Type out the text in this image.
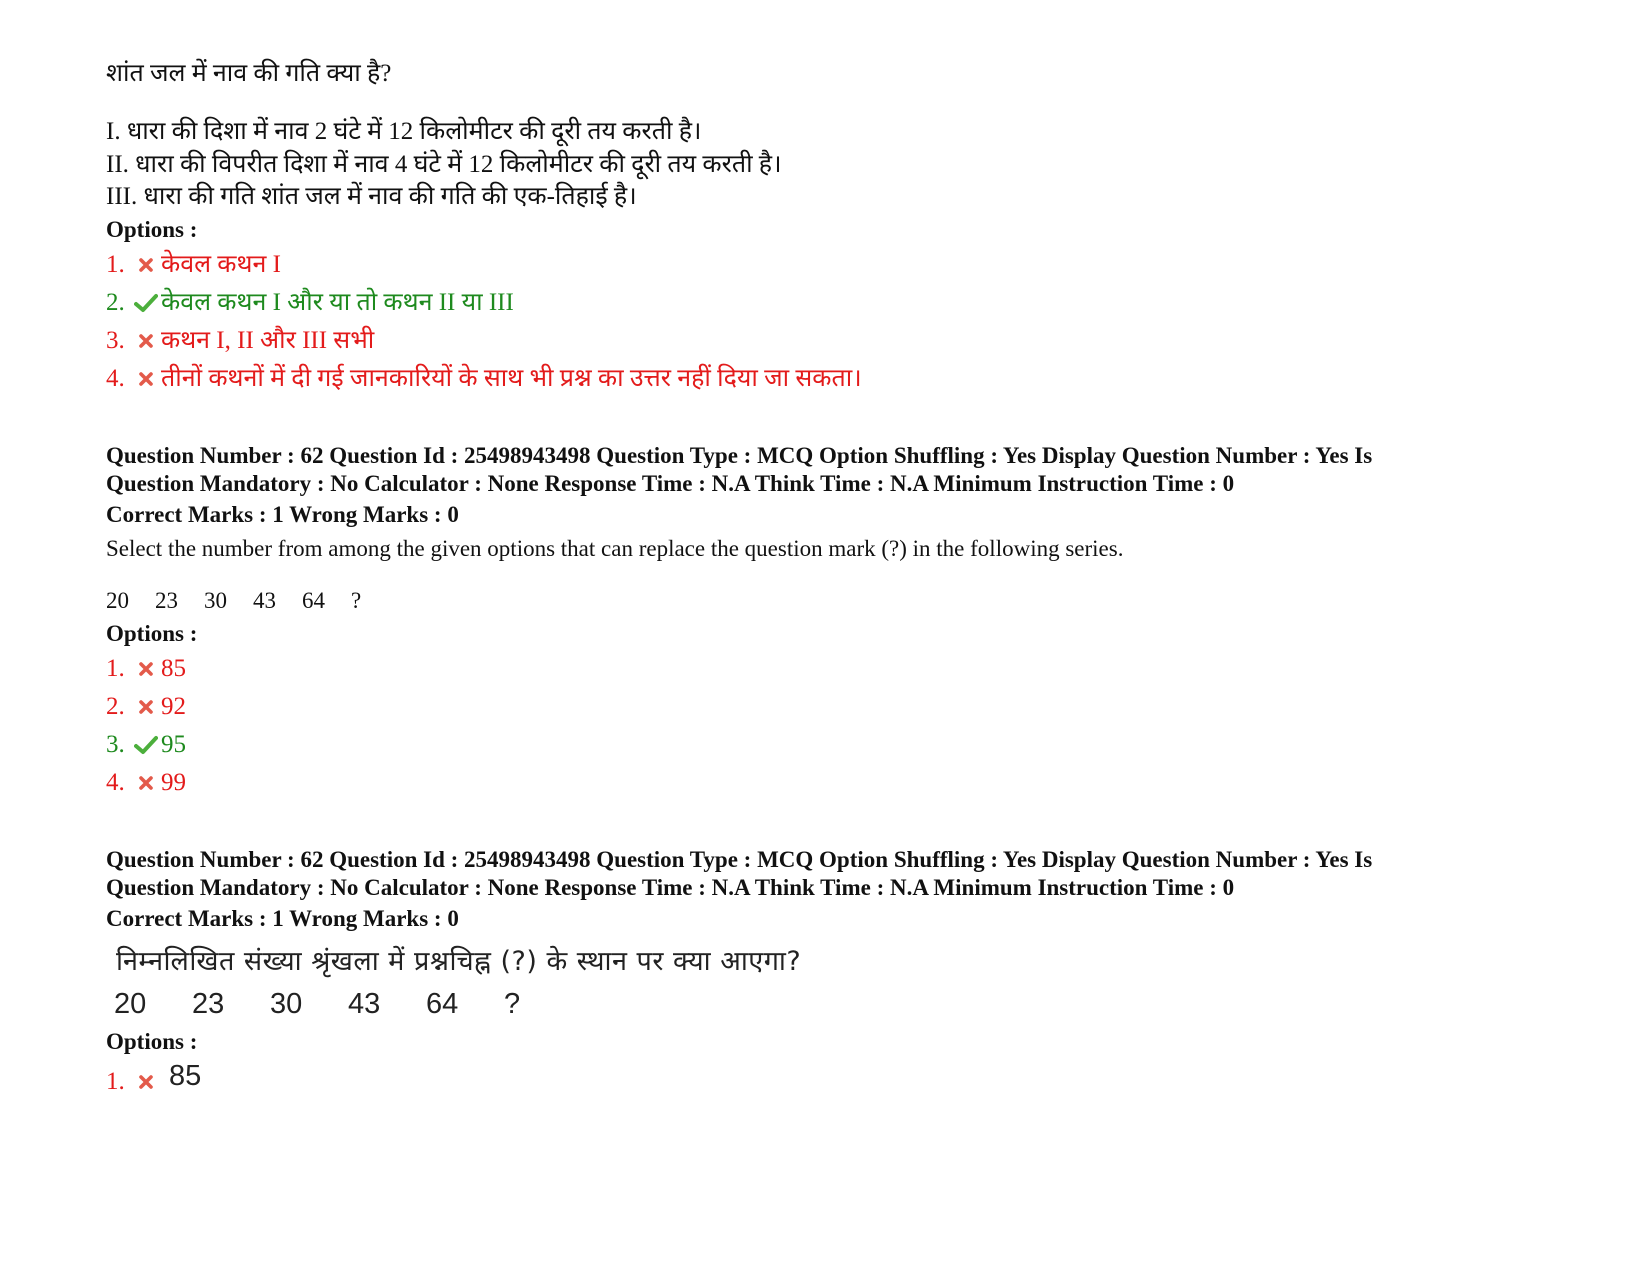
शांत जल में नाव की गति क्या है?

I. धारा की दिशा में नाव 2 घंटे में 12 किलोमीटर की दूरी तय करती है।

II. धारा की विपरीत दिशा में नाव 4 घंटे में 12 किलोमीटर की दूरी तय करती है।

III. धारा की गति शांत जल में नाव की गति की एक-तिहाई है।

Options :

1.	केवल कथन I
2.	केवल कथन I और या तो कथन II या III
3.	कथन I, II और III सभी
4.	तीनों कथनों में दी गई जानकारियों के साथ भी प्रश्न का उत्तर नहीं दिया जा सकता।

Question Number : 62 Question Id : 25498943498 Question Type : MCQ Option Shuffling : Yes Display Question Number : Yes Is

Question Mandatory : No Calculator : None Response Time : N.A Think Time : N.A Minimum Instruction Time : 0

Correct Marks : 1 Wrong Marks : 0

Select the number from among the given options that can replace the question mark (?) in the following series.

20 23 30 43 64 ?

Options :

1.	85
2.	92
3.	95
4.	99

Question Number : 62 Question Id : 25498943498 Question Type : MCQ Option Shuffling : Yes Display Question Number : Yes Is

Question Mandatory : No Calculator : None Response Time : N.A Think Time : N.A Minimum Instruction Time : 0

Correct Marks : 1 Wrong Marks : 0

निम्नलिखित संख्या श्रृंखला में प्रश्नचिह्न (?) के स्थान पर क्या आएगा?

20	23	30	43	64	?

Options :

1. 85
